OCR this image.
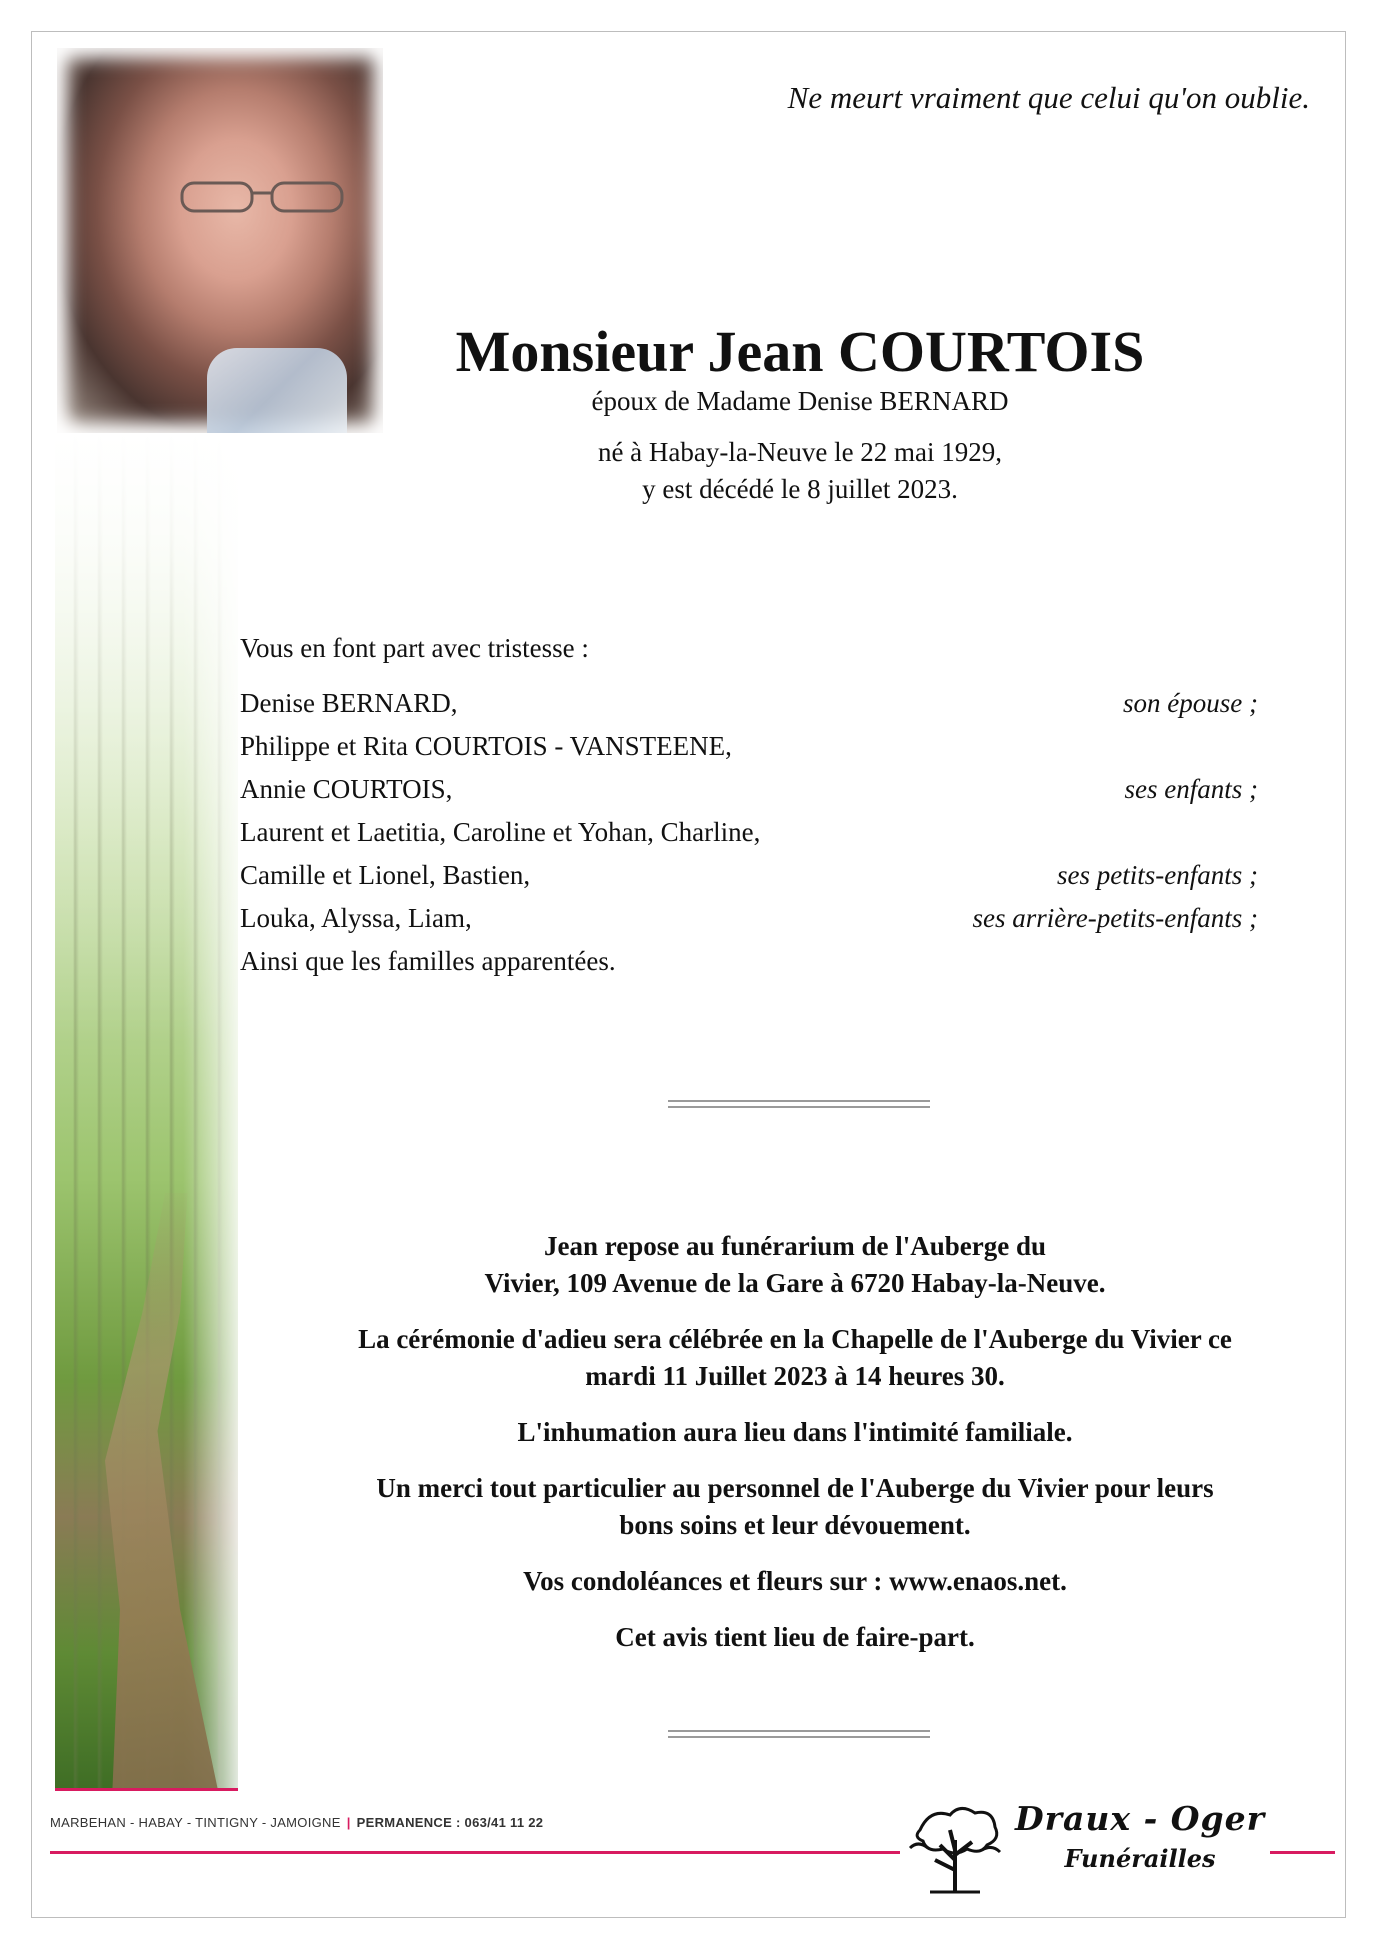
Ne meurt vraiment que celui qu'on oublie.
Monsieur Jean COURTOIS
époux de Madame Denise BERNARD
né à Habay-la-Neuve le 22 mai 1929,
y est décédé le 8 juillet 2023.
Vous en font part avec tristesse :
Denise BERNARD,	son épouse ;
Philippe et Rita COURTOIS - VANSTEENE,
Annie COURTOIS,	ses enfants ;
Laurent et Laetitia, Caroline et Yohan, Charline,
Camille et Lionel, Bastien,	ses petits-enfants ;
Louka, Alyssa, Liam,	ses arrière-petits-enfants ;
Ainsi que les familles apparentées.

Jean repose au funérarium de l'Auberge du
Vivier, 109 Avenue de la Gare à 6720 Habay-la-Neuve.

La cérémonie d'adieu sera célébrée en la Chapelle de l'Auberge du Vivier ce
mardi 11 Juillet 2023 à 14 heures 30.

L'inhumation aura lieu dans l'intimité familiale.

Un merci tout particulier au personnel de l'Auberge du Vivier pour leurs
bons soins et leur dévouement.

Vos condoléances et fleurs sur : www.enaos.net.

Cet avis tient lieu de faire-part.

MARBEHAN - HABAY - TINTIGNY - JAMOIGNE | PERMANENCE : 063/41 11 22	Draux - Oger
Funérailles
